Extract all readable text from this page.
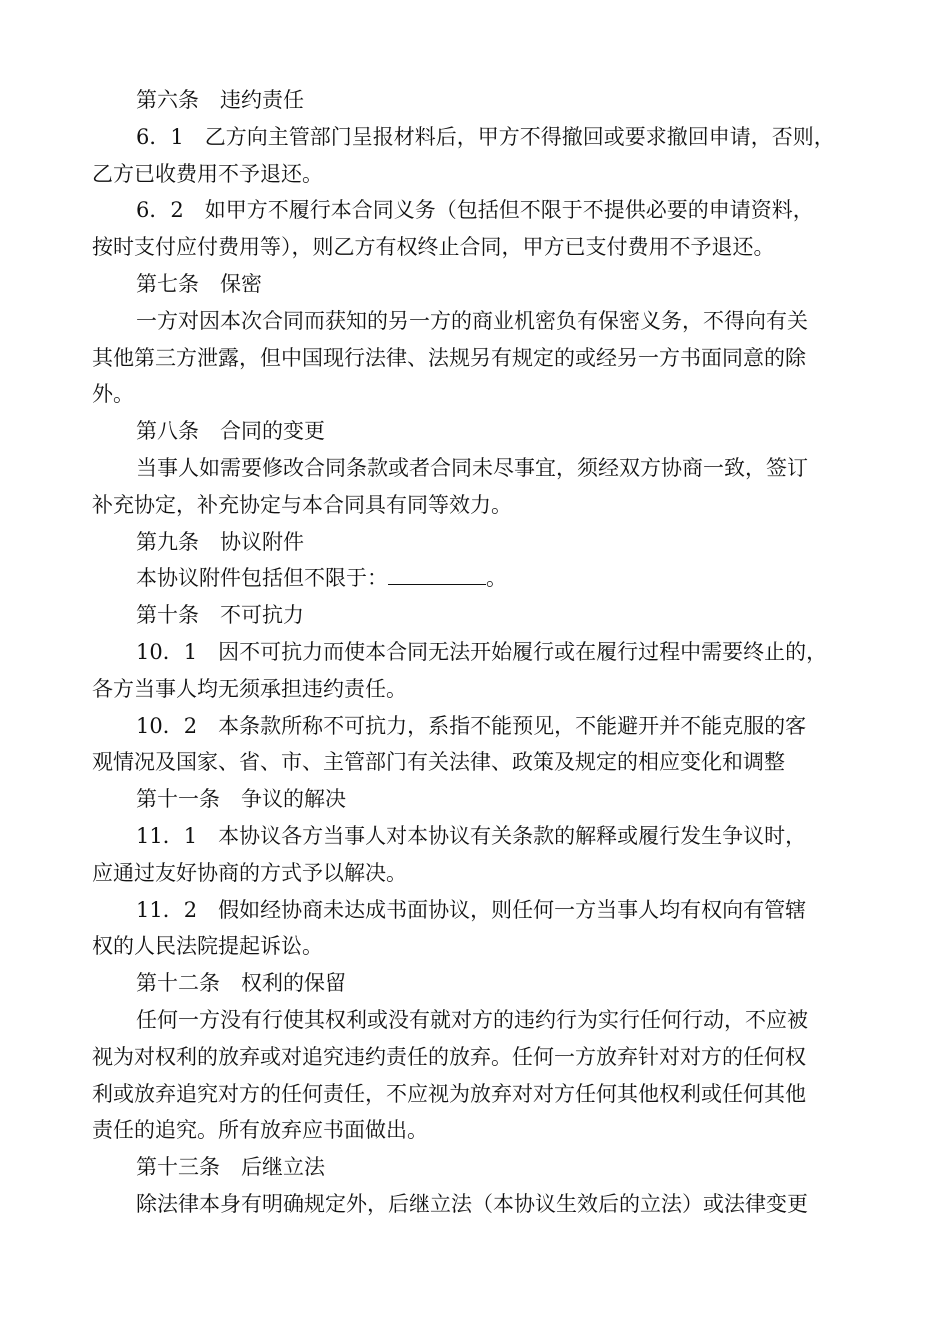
第六条　违约责任
6．1　乙方向主管部门呈报材料后，甲方不得撤回或要求撤回申请，否则，
乙方已收费用不予退还。
6．2　如甲方不履行本合同义务（包括但不限于不提供必要的申请资料，
按时支付应付费用等），则乙方有权终止合同，甲方已支付费用不予退还。
第七条　保密
一方对因本次合同而获知的另一方的商业机密负有保密义务，不得向有关
其他第三方泄露，但中国现行法律、法规另有规定的或经另一方书面同意的除
外。
第八条　合同的变更
当事人如需要修改合同条款或者合同未尽事宜，须经双方协商一致，签订
补充协定，补充协定与本合同具有同等效力。
第九条　协议附件
本协议附件包括但不限于：	。
第十条　不可抗力
10．1　因不可抗力而使本合同无法开始履行或在履行过程中需要终止的，
各方当事人均无须承担违约责任。
10．2　本条款所称不可抗力，系指不能预见，不能避开并不能克服的客
观情况及国家、省、市、主管部门有关法律、政策及规定的相应变化和调整
第十一条　争议的解决
11．1　本协议各方当事人对本协议有关条款的解释或履行发生争议时，
应通过友好协商的方式予以解决。
11．2　假如经协商未达成书面协议，则任何一方当事人均有权向有管辖
权的人民法院提起诉讼。
第十二条　权利的保留
任何一方没有行使其权利或没有就对方的违约行为实行任何行动，不应被
视为对权利的放弃或对追究违约责任的放弃。任何一方放弃针对对方的任何权
利或放弃追究对方的任何责任，不应视为放弃对对方任何其他权利或任何其他
责任的追究。所有放弃应书面做出。
第十三条　后继立法
除法律本身有明确规定外，后继立法（本协议生效后的立法）或法律变更
